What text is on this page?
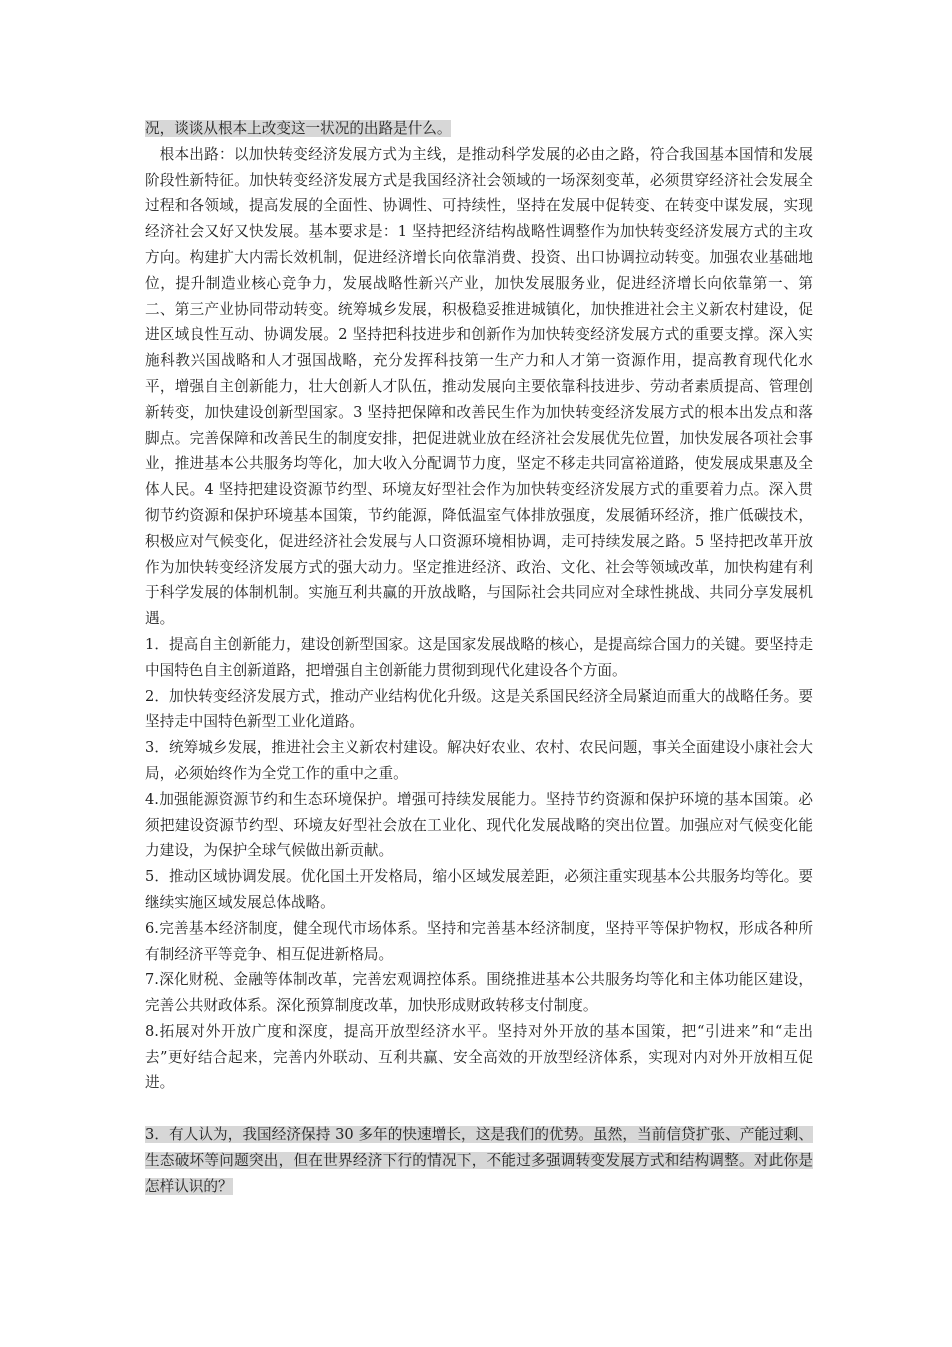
况，谈谈从根本上改变这一状况的出路是什么。

根本出路：以加快转变经济发展方式为主线，是推动科学发展的必由之路，符合我国基本国情和发展阶段性新特征。加快转变经济发展方式是我国经济社会领域的一场深刻变革，必须贯穿经济社会发展全过程和各领域，提高发展的全面性、协调性、可持续性，坚持在发展中促转变、在转变中谋发展，实现经济社会又好又快发展。基本要求是：1 坚持把经济结构战略性调整作为加快转变经济发展方式的主攻方向。构建扩大内需长效机制，促进经济增长向依靠消费、投资、出口协调拉动转变。加强农业基础地位，提升制造业核心竞争力，发展战略性新兴产业，加快发展服务业，促进经济增长向依靠第一、第二、第三产业协同带动转变。统筹城乡发展，积极稳妥推进城镇化，加快推进社会主义新农村建设，促进区域良性互动、协调发展。2 坚持把科技进步和创新作为加快转变经济发展方式的重要支撑。深入实施科教兴国战略和人才强国战略，充分发挥科技第一生产力和人才第一资源作用，提高教育现代化水平，增强自主创新能力，壮大创新人才队伍，推动发展向主要依靠科技进步、劳动者素质提高、管理创新转变，加快建设创新型国家。3 坚持把保障和改善民生作为加快转变经济发展方式的根本出发点和落脚点。完善保障和改善民生的制度安排，把促进就业放在经济社会发展优先位置，加快发展各项社会事业，推进基本公共服务均等化，加大收入分配调节力度，坚定不移走共同富裕道路，使发展成果惠及全体人民。4 坚持把建设资源节约型、环境友好型社会作为加快转变经济发展方式的重要着力点。深入贯彻节约资源和保护环境基本国策，节约能源，降低温室气体排放强度，发展循环经济，推广低碳技术，积极应对气候变化，促进经济社会发展与人口资源环境相协调，走可持续发展之路。5 坚持把改革开放作为加快转变经济发展方式的强大动力。坚定推进经济、政治、文化、社会等领域改革，加快构建有利于科学发展的体制机制。实施互利共赢的开放战略，与国际社会共同应对全球性挑战、共同分享发展机遇。

1．提高自主创新能力，建设创新型国家。这是国家发展战略的核心，是提高综合国力的关键。要坚持走中国特色自主创新道路，把增强自主创新能力贯彻到现代化建设各个方面。

2．加快转变经济发展方式，推动产业结构优化升级。这是关系国民经济全局紧迫而重大的战略任务。要坚持走中国特色新型工业化道路。

3．统筹城乡发展，推进社会主义新农村建设。解决好农业、农村、农民问题，事关全面建设小康社会大局，必须始终作为全党工作的重中之重。

4.加强能源资源节约和生态环境保护。增强可持续发展能力。坚持节约资源和保护环境的基本国策。必须把建设资源节约型、环境友好型社会放在工业化、现代化发展战略的突出位置。加强应对气候变化能力建设，为保护全球气候做出新贡献。

5．推动区域协调发展。优化国土开发格局，缩小区域发展差距，必须注重实现基本公共服务均等化。要继续实施区域发展总体战略。

6.完善基本经济制度，健全现代市场体系。坚持和完善基本经济制度，坚持平等保护物权，形成各种所有制经济平等竞争、相互促进新格局。

7.深化财税、金融等体制改革，完善宏观调控体系。围绕推进基本公共服务均等化和主体功能区建设，完善公共财政体系。深化预算制度改革，加快形成财政转移支付制度。

8.拓展对外开放广度和深度，提高开放型经济水平。坚持对外开放的基本国策，把“引进来”和“走出去”更好结合起来，完善内外联动、互利共赢、安全高效的开放型经济体系，实现对内对外开放相互促进。

3．有人认为，我国经济保持 30 多年的快速增长，这是我们的优势。虽然，当前信贷扩张、产能过剩、生态破坏等问题突出，但在世界经济下行的情况下，不能过多强调转变发展方式和结构调整。对此你是怎样认识的？
